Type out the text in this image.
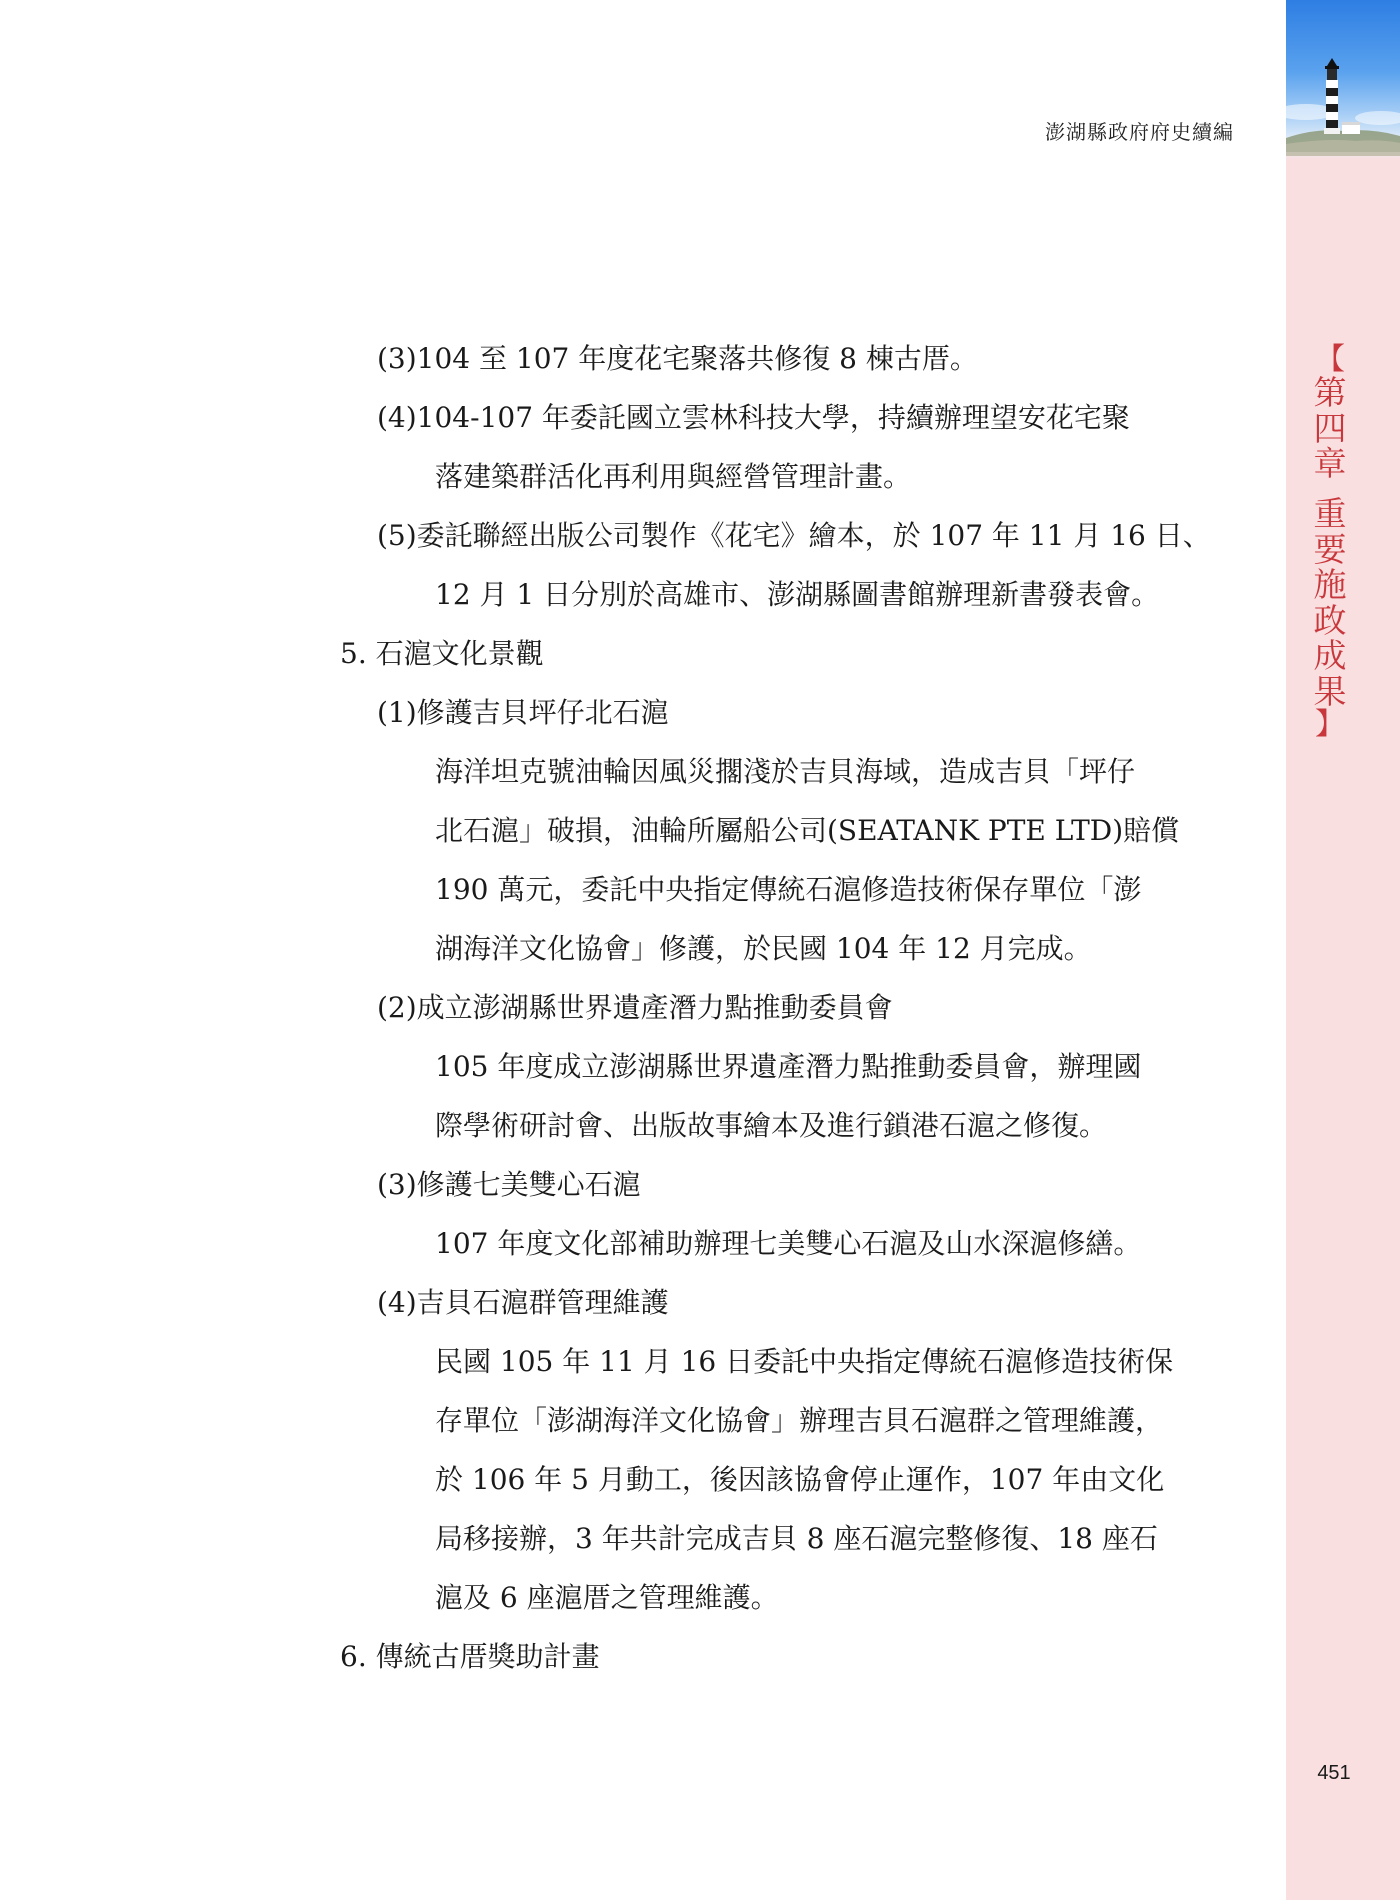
【
第
四
章
重
要
施
政
成
果
】
451
澎湖縣政府府史續編
(3)104 至 107 年度花宅聚落共修復 8 棟古厝。
(4)104-107 年委託國立雲林科技大學，持續辦理望安花宅聚
落建築群活化再利用與經營管理計畫。
(5)委託聯經出版公司製作《花宅》繪本，於 107 年 11 月 16 日、
12 月 1 日分別於高雄市、澎湖縣圖書館辦理新書發表會。
5. 石滬文化景觀
(1)修護吉貝坪仔北石滬
海洋坦克號油輪因風災擱淺於吉貝海域，造成吉貝「坪仔
北石滬」破損，油輪所屬船公司(SEATANK PTE LTD)賠償
190 萬元，委託中央指定傳統石滬修造技術保存單位「澎
湖海洋文化協會」修護，於民國 104 年 12 月完成。
(2)成立澎湖縣世界遺產潛力點推動委員會
105 年度成立澎湖縣世界遺產潛力點推動委員會，辦理國
際學術研討會、出版故事繪本及進行鎖港石滬之修復。
(3)修護七美雙心石滬
107 年度文化部補助辦理七美雙心石滬及山水深滬修繕。
(4)吉貝石滬群管理維護
民國 105 年 11 月 16 日委託中央指定傳統石滬修造技術保
存單位「澎湖海洋文化協會」辦理吉貝石滬群之管理維護，
於 106 年 5 月動工，後因該協會停止運作，107 年由文化
局移接辦，3 年共計完成吉貝 8 座石滬完整修復、18 座石
滬及 6 座滬厝之管理維護。
6. 傳統古厝獎助計畫
